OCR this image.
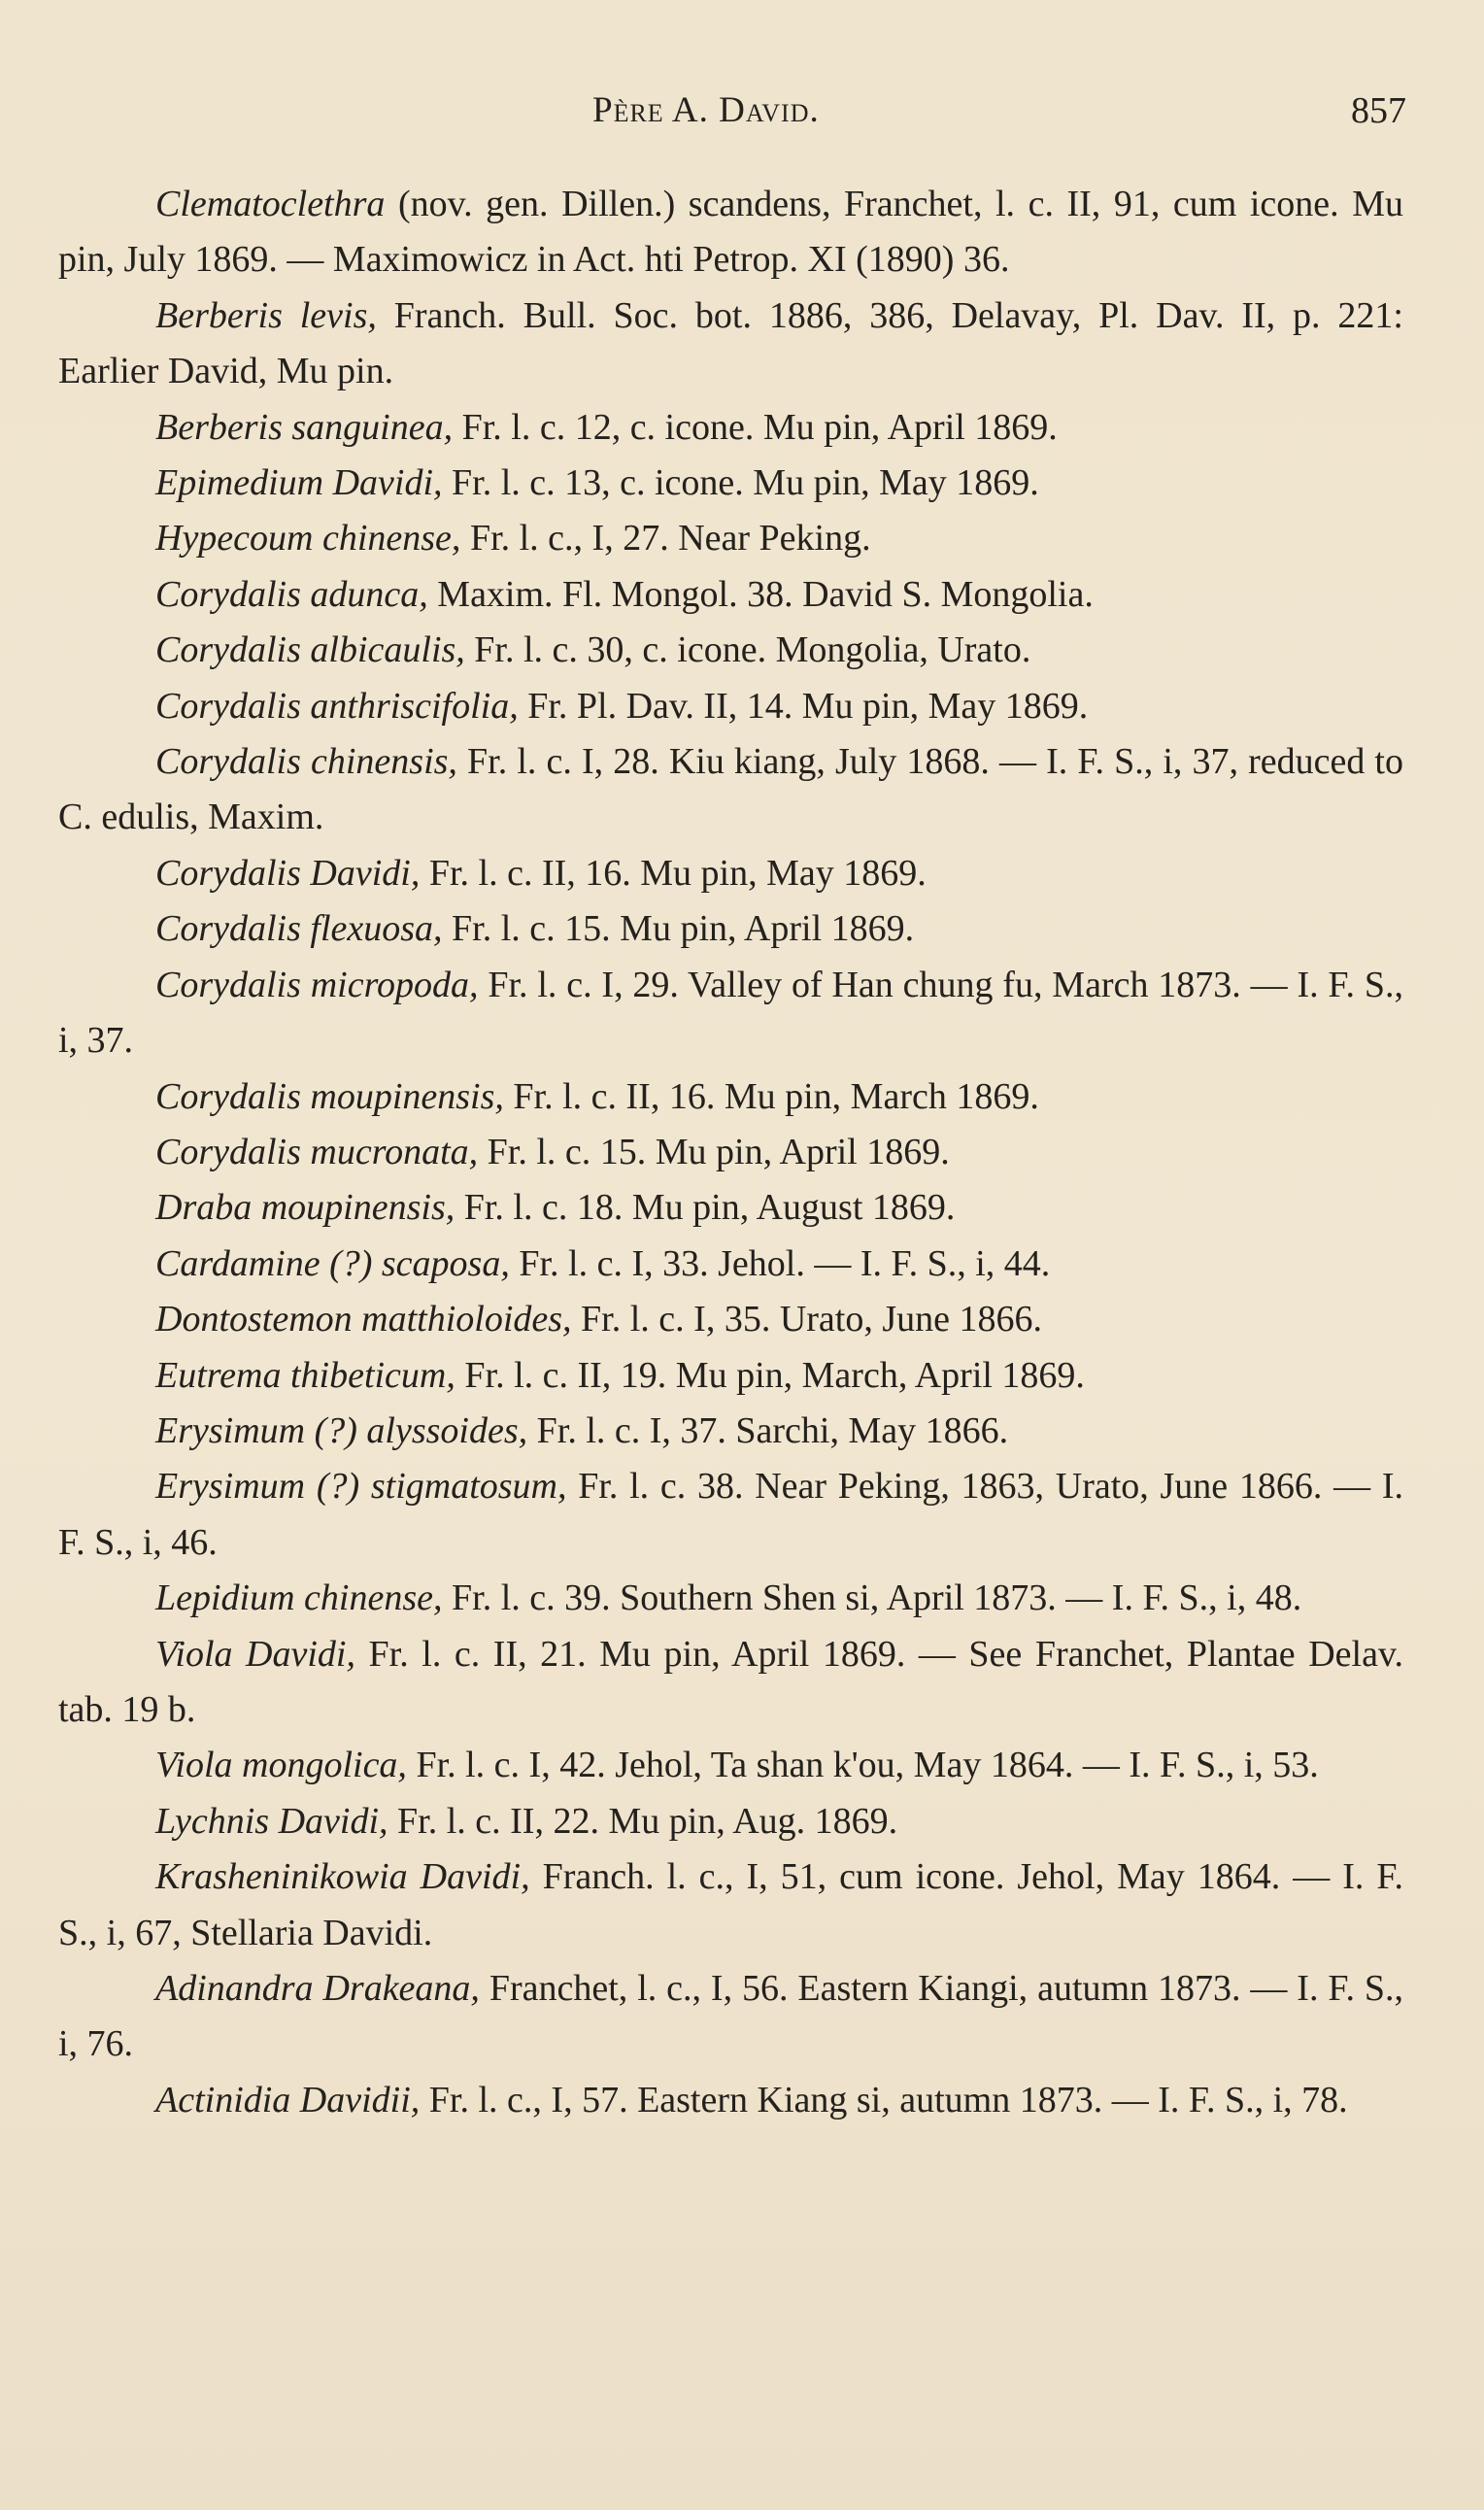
Père A. David.	857

Clematoclethra (nov. gen. Dillen.) scandens, Franchet, l. c. II, 91, cum icone. Mu pin, July 1869. — Maximowicz in Act. hti Petrop. XI (1890) 36.

Berberis levis, Franch. Bull. Soc. bot. 1886, 386, Delavay, Pl. Dav. II, p. 221: Earlier David, Mu pin.

Berberis sanguinea, Fr. l. c. 12, c. icone. Mu pin, April 1869.

Epimedium Davidi, Fr. l. c. 13, c. icone. Mu pin, May 1869.

Hypecoum chinense, Fr. l. c., I, 27. Near Peking.

Corydalis adunca, Maxim. Fl. Mongol. 38. David S. Mongolia.

Corydalis albicaulis, Fr. l. c. 30, c. icone. Mongolia, Urato.

Corydalis anthriscifolia, Fr. Pl. Dav. II, 14. Mu pin, May 1869.

Corydalis chinensis, Fr. l. c. I, 28. Kiu kiang, July 1868. — I. F. S., i, 37, reduced to C. edulis, Maxim.

Corydalis Davidi, Fr. l. c. II, 16. Mu pin, May 1869.

Corydalis flexuosa, Fr. l. c. 15. Mu pin, April 1869.

Corydalis micropoda, Fr. l. c. I, 29. Valley of Han chung fu, March 1873. — I. F. S., i, 37.

Corydalis moupinensis, Fr. l. c. II, 16. Mu pin, March 1869.

Corydalis mucronata, Fr. l. c. 15. Mu pin, April 1869.

Draba moupinensis, Fr. l. c. 18. Mu pin, August 1869.

Cardamine (?) scaposa, Fr. l. c. I, 33. Jehol. — I. F. S., i, 44.

Dontostemon matthioloides, Fr. l. c. I, 35. Urato, June 1866.

Eutrema thibeticum, Fr. l. c. II, 19. Mu pin, March, April 1869.

Erysimum (?) alyssoides, Fr. l. c. I, 37. Sarchi, May 1866.

Erysimum (?) stigmatosum, Fr. l. c. 38. Near Peking, 1863, Urato, June 1866. — I. F. S., i, 46.

Lepidium chinense, Fr. l. c. 39. Southern Shen si, April 1873. — I. F. S., i, 48.

Viola Davidi, Fr. l. c. II, 21. Mu pin, April 1869. — See Franchet, Plantae Delav. tab. 19 b.

Viola mongolica, Fr. l. c. I, 42. Jehol, Ta shan k'ou, May 1864. — I. F. S., i, 53.

Lychnis Davidi, Fr. l. c. II, 22. Mu pin, Aug. 1869.

Krasheninikowia Davidi, Franch. l. c., I, 51, cum icone. Jehol, May 1864. — I. F. S., i, 67, Stellaria Davidi.

Adinandra Drakeana, Franchet, l. c., I, 56. Eastern Kiangi, autumn 1873. — I. F. S., i, 76.

Actinidia Davidii, Fr. l. c., I, 57. Eastern Kiang si, autumn 1873. — I. F. S., i, 78.
